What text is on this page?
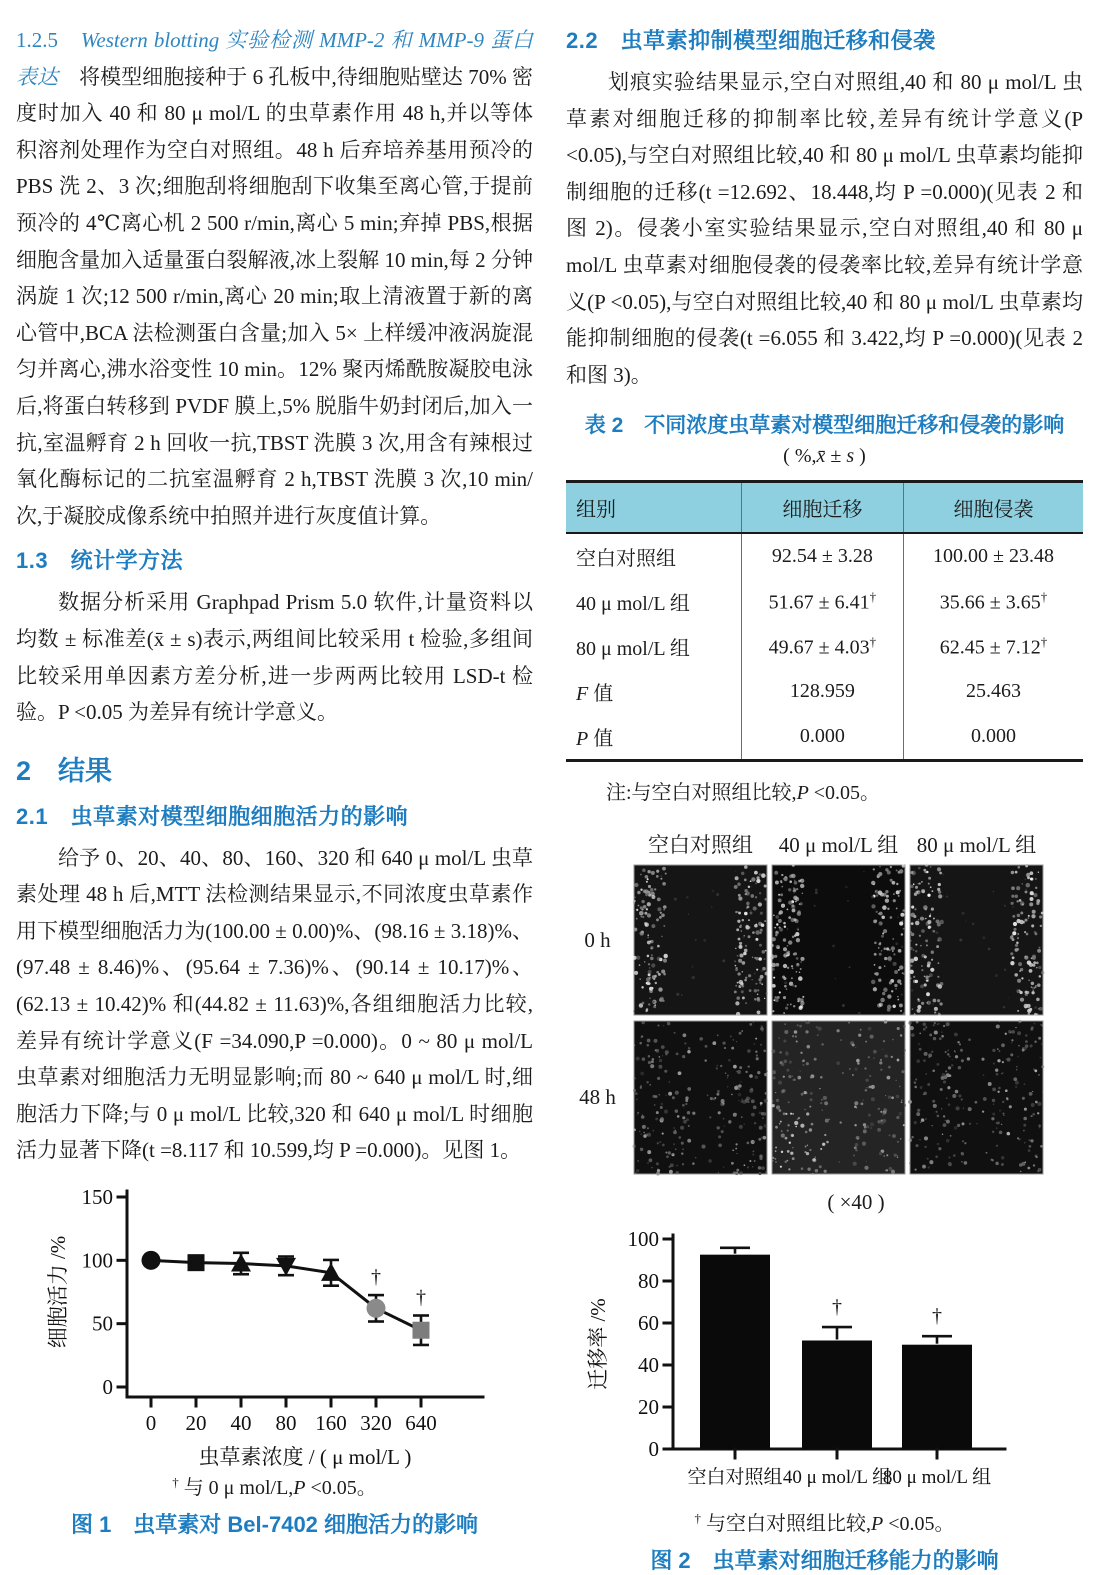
1.2.5　 Western blotting 实验检测 MMP-2 和 MMP-9 蛋白表达　 将模型细胞接种于 6 孔板中,待细胞贴壁达 70% 密度时加入 40 和 80 μ mol/L 的虫草素作用 48 h,并以等体积溶剂处理作为空白对照组。48 h 后弃培养基用预冷的 PBS 洗 2、3 次;细胞刮将细胞刮下收集至离心管,于提前预冷的 4℃离心机 2 500 r/min,离心 5 min;弃掉 PBS,根据细胞含量加入适量蛋白裂解液,冰上裂解 10 min,每 2 分钟涡旋 1 次;12 500 r/min,离心 20 min;取上清液置于新的离心管中,BCA 法检测蛋白含量;加入 5× 上样缓冲液涡旋混匀并离心,沸水浴变性 10 min。12% 聚丙烯酰胺凝胶电泳后,将蛋白转移到 PVDF 膜上,5% 脱脂牛奶封闭后,加入一抗,室温孵育 2 h 回收一抗,TBST 洗膜 3 次,用含有辣根过氧化酶标记的二抗室温孵育 2 h,TBST 洗膜 3 次,10 min/ 次,于凝胶成像系统中拍照并进行灰度值计算。

1.3　统计学方法

数据分析采用 Graphpad Prism 5.0 软件,计量资料以均数 ± 标准差(x̄ ± s)表示,两组间比较采用 t 检验,多组间比较采用单因素方差分析,进一步两两比较用 LSD-t 检验。P <0.05 为差异有统计学意义。

2　结果
2.1　虫草素对模型细胞细胞活力的影响

给予 0、20、40、80、160、320 和 640 μ mol/L 虫草素处理 48 h 后,MTT 法检测结果显示,不同浓度虫草素作用下模型细胞活力为(100.00 ± 0.00)%、(98.16 ± 3.18)%、(97.48 ± 8.46)%、(95.64 ± 7.36)%、(90.14 ± 10.17)%、(62.13 ± 10.42)% 和(44.82 ± 11.63)%,各组细胞活力比较,差异有统计学意义(F =34.090,P =0.000)。0 ~ 80 μ mol/L 虫草素对细胞活力无明显影响;而 80 ~ 640 μ mol/L 时,细胞活力下降;与 0 μ mol/L 比较,320 和 640 μ mol/L 时细胞活力显著下降(t =8.117 和 10.599,均 P =0.000)。见图 1。

0
50
100
150
0 20 40 80 160 320 640
†
†
细胞活力 /%
虫草素浓度 / ( μ mol/L )
† 与 0 μ mol/L,P <0.05。
图 1　虫草素对 Bel-7402 细胞活力的影响
2.2　虫草素抑制模型细胞迁移和侵袭

划痕实验结果显示,空白对照组,40 和 80 μ mol/L 虫草素对细胞迁移的抑制率比较,差异有统计学意义(P <0.05),与空白对照组比较,40 和 80 μ mol/L 虫草素均能抑制细胞的迁移(t =12.692、18.448,均 P =0.000)(见表 2 和图 2)。侵袭小室实验结果显示,空白对照组,40 和 80 μ mol/L 虫草素对细胞侵袭的侵袭率比较,差异有统计学意义(P <0.05),与空白对照组比较,40 和 80 μ mol/L 虫草素均能抑制细胞的侵袭(t =6.055 和 3.422,均 P =0.000)(见表 2 和图 3)。

表 2　不同浓度虫草素对模型细胞迁移和侵袭的影响
( %,x̄ ± s )
组别	细胞迁移	细胞侵袭
空白对照组	92.54 ± 3.28	100.00 ± 23.48
40 μ mol/L 组	51.67 ± 6.41†	35.66 ± 3.65†
80 μ mol/L 组	49.67 ± 4.03†	62.45 ± 7.12†
F 值	128.959	25.463
P 值	0.000	0.000
注:与空白对照组比较,P <0.05。
空白对照组 40 μ mol/L 组 80 μ mol/L 组
0 h
48 h
( ×40 )
0
20
40
60
80
100
空白对照组 40 μ mol/L 组
80 μ mol/L 组
†	†
迁移率 /%
† 与空白对照组比较,P <0.05。
图 2　虫草素对细胞迁移能力的影响
